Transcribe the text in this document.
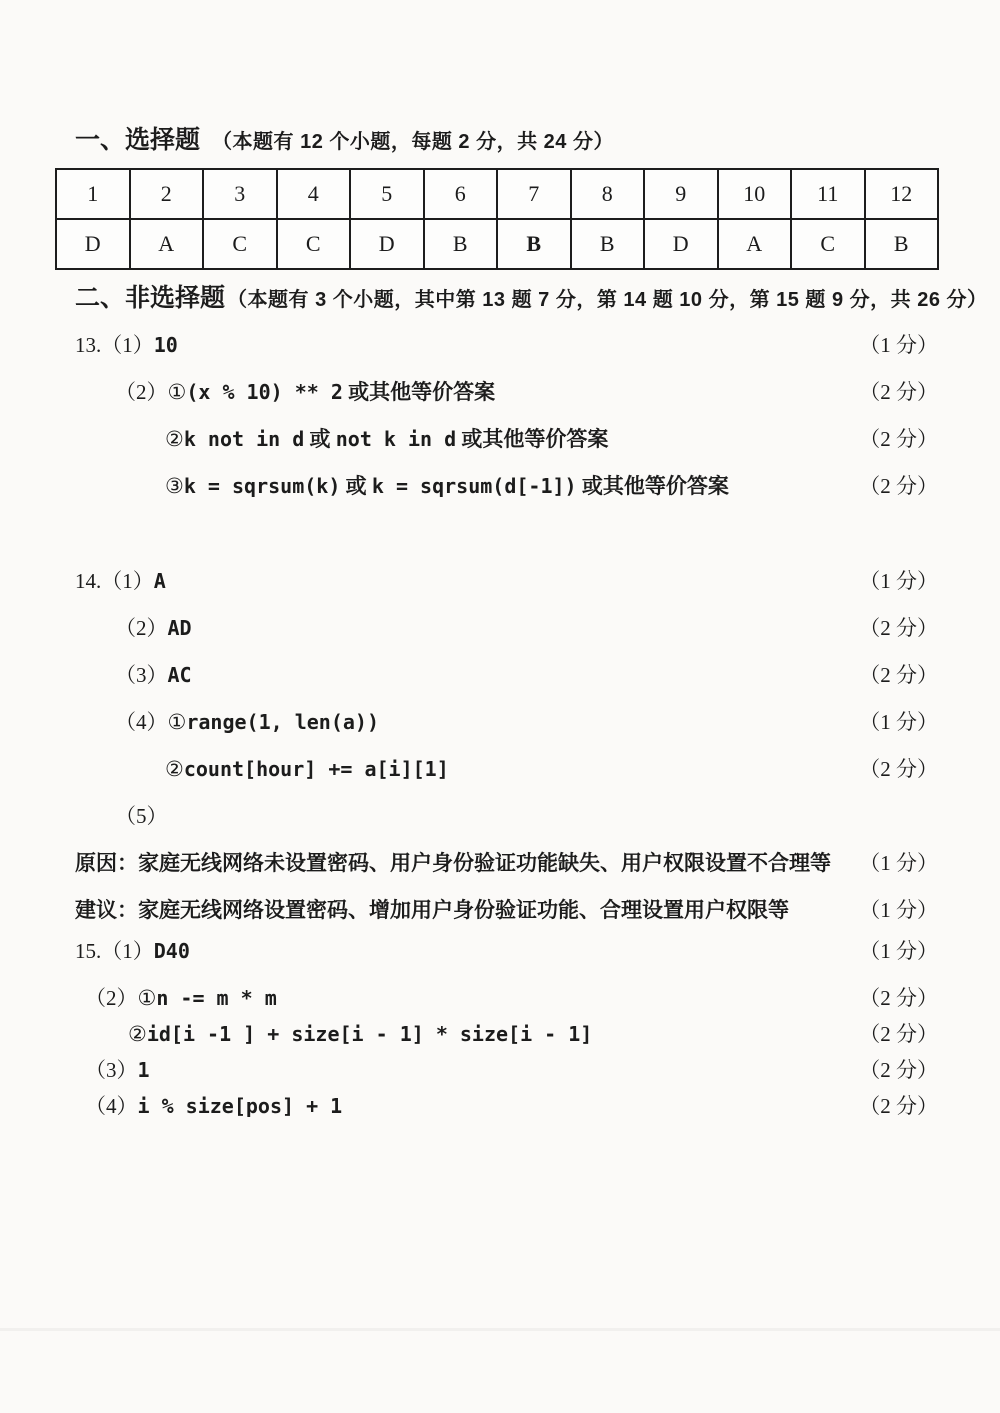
一、选择题 （本题有 12 个小题，每题 2 分，共 24 分）
1	2	3	4	5	6	7	8	9	10	11	12
D	A	C	C	D	B	B	B	D	A	C	B
二、非选择题 （本题有 3 个小题，其中第 13 题 7 分，第 14 题 10 分，第 15 题 9 分，共 26 分）
13.（1）10	（1 分）
（2）①(x % 10) ** 2 或其他等价答案	（2 分）
②k not in d 或 not k in d 或其他等价答案	（2 分）
③k = sqrsum(k) 或 k = sqrsum(d[-1]) 或其他等价答案	（2 分）
14.（1）A	（1 分）
（2）AD	（2 分）
（3）AC	（2 分）
（4）①range(1, len(a))	（1 分）
②count[hour] += a[i][1]	（2 分）
（5）
原因：家庭无线网络未设置密码、用户身份验证功能缺失、用户权限设置不合理等	（1 分）
建议：家庭无线网络设置密码、增加用户身份验证功能、合理设置用户权限等	（1 分）
15.（1）D40	（1 分）
（2）①n -= m * m	（2 分）
②id[i -1 ] + size[i - 1] * size[i - 1]	（2 分）
（3）1	（2 分）
（4）i % size[pos] + 1	（2 分）
